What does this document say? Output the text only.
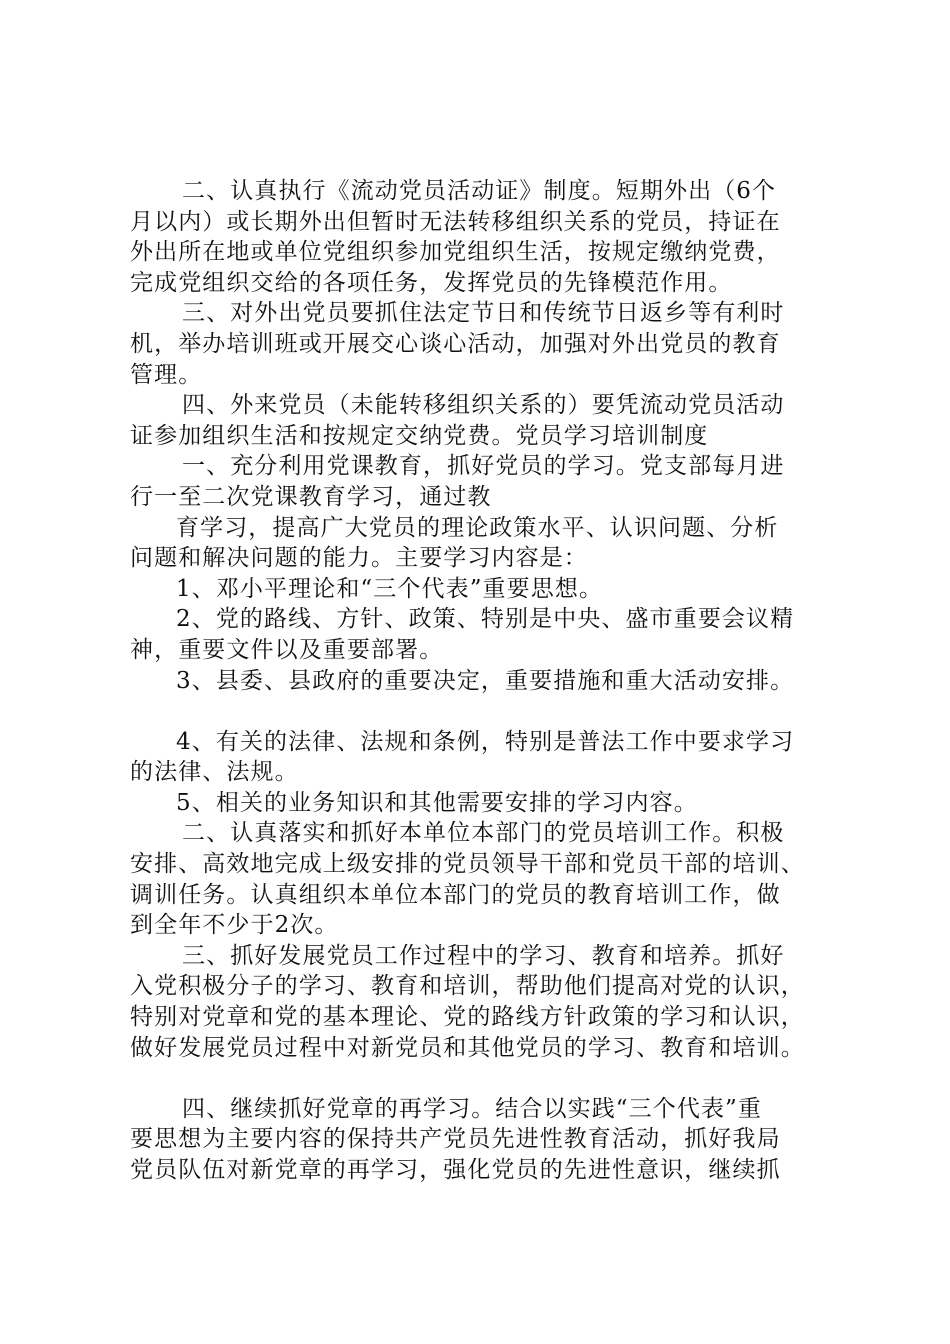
二、认真执行《流动党员活动证》制度。短期外出（6个
月以内）或长期外出但暂时无法转移组织关系的党员，持证在
外出所在地或单位党组织参加党组织生活，按规定缴纳党费，
完成党组织交给的各项任务，发挥党员的先锋模范作用。
三、对外出党员要抓住法定节日和传统节日返乡等有利时
机，举办培训班或开展交心谈心活动，加强对外出党员的教育
管理。
四、外来党员（未能转移组织关系的）要凭流动党员活动
证参加组织生活和按规定交纳党费。党员学习培训制度
一、充分利用党课教育，抓好党员的学习。党支部每月进
行一至二次党课教育学习，通过教
育学习，提高广大党员的理论政策水平、认识问题、分析
问题和解决问题的能力。主要学习内容是：
1、邓小平理论和“三个代表”重要思想。
2、党的路线、方针、政策、特别是中央、盛市重要会议精
神，重要文件以及重要部署。
3、县委、县政府的重要决定，重要措施和重大活动安排。
4、有关的法律、法规和条例，特别是普法工作中要求学习
的法律、法规。
5、相关的业务知识和其他需要安排的学习内容。
二、认真落实和抓好本单位本部门的党员培训工作。积极
安排、高效地完成上级安排的党员领导干部和党员干部的培训、
调训任务。认真组织本单位本部门的党员的教育培训工作，做
到全年不少于2次。
三、抓好发展党员工作过程中的学习、教育和培养。抓好
入党积极分子的学习、教育和培训，帮助他们提高对党的认识，
特别对党章和党的基本理论、党的路线方针政策的学习和认识，
做好发展党员过程中对新党员和其他党员的学习、教育和培训。
四、继续抓好党章的再学习。结合以实践“三个代表”重
要思想为主要内容的保持共产党员先进性教育活动，抓好我局
党员队伍对新党章的再学习，强化党员的先进性意识，继续抓
